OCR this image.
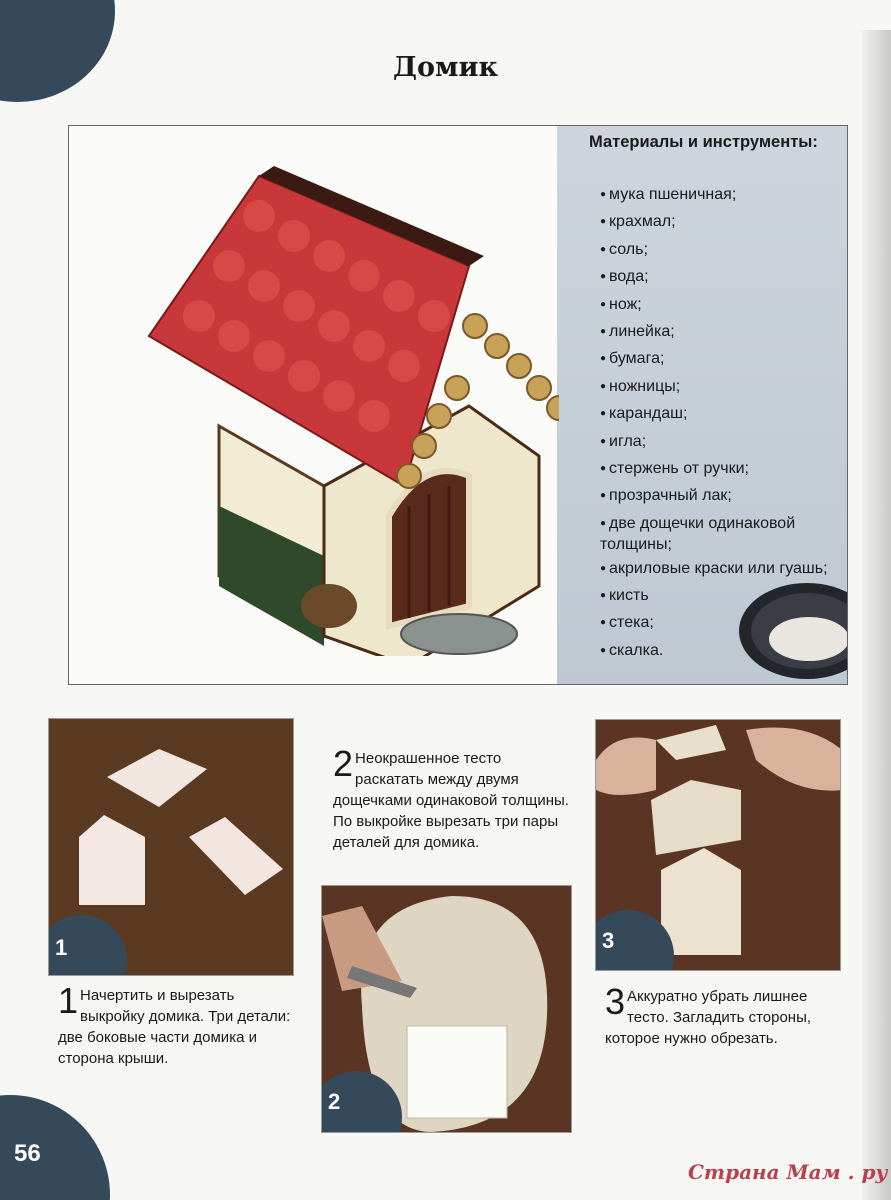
Домик
Материалы и инструменты:
● мука пшеничная;
● крахмал;
● соль;
● вода;
● нож;
● линейка;
● бумага;
● ножницы;
● карандаш;
● игла;
● стержень от ручки;
● прозрачный лак;
● две дощечки одинаковой толщины;
● акриловые краски или гуашь;
● кисть
● стека;
● скалка.
1
2
3
1 Начертить и вырезать выкройку домика. Три детали: две боковые части домика и сторона крыши.
2 Неокрашенное тесто раскатать между двумя дощечками одинаковой толщины. По выкройке вырезать три пары деталей для домика.
3 Аккуратно убрать лишнее тесто. Загладить стороны, которое нужно обрезать.
56
Страна Мам . ру
